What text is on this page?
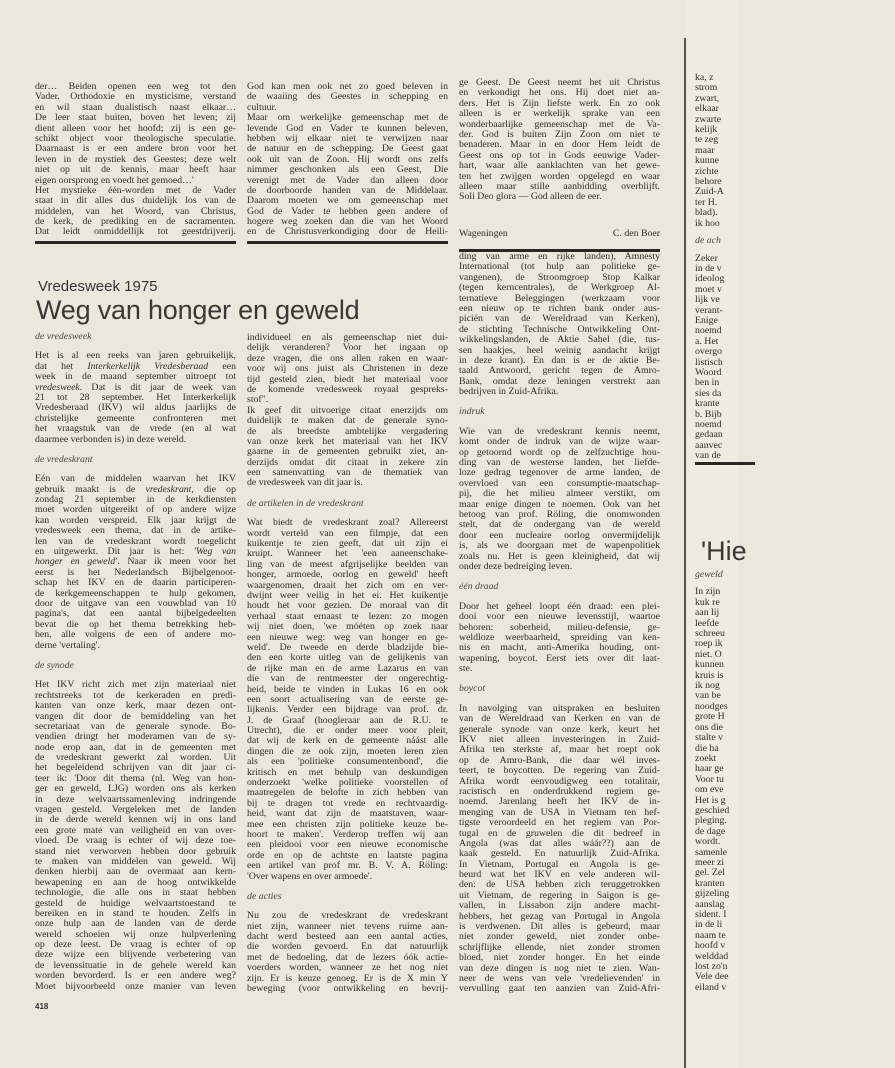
der… Beiden openen een weg tot den
Vader. Orthodoxie en mysticisme, verstand
en wil staan dualistisch naast elkaar…
De leer staat buiten, boven het leven; zij
dient alleen voor het hoofd; zij is een ge-
schikt object voor theologische speculatie.
Daarnaast is er een andere bron voor het
leven in de mystiek des Geestes; deze welt
niet op uit de kennis, maar heeft haar
eigen oorsprong en voedt het gemoed…'
Het mystieke één-worden met de Vader
staat in dit alles dus duidelijk los van de
middelen, van het Woord, van Christus,
de kerk, de prediking en de sacramenten.
Dat leidt onmiddellijk tot geestdrijverij.
God kan men ook net zo goed beleven in
de waaiing des Geestes in schepping en
cultuur.
Maar om werkelijke gemeenschap met de
levende God en Vader te kunnen beleven,
hebben wij elkaar niet te verwijzen naar
de natuur en de schepping. De Geest gaat
ook uit van de Zoon. Hij wordt ons zelfs
nimmer geschonken als een Geest, Die
verenigt met de Vader dan alleen door
de doorboorde handen van de Middelaar.
Daarom moeten we om gemeenschap met
God de Vader te hebben geen andere of
hogere weg zoeken dan die van het Woord
en de Christusverkondiging door de Heili-
ge Geest. De Geest neemt het uit Christus
en verkondigt het ons. Hij doet niet an-
ders. Het is Zijn liefste werk. En zo ook
alleen is er werkelijk sprake van een
wonderbaarlijke gemeenschap met de Va-
der. God is buiten Zijn Zoon om niet te
benaderen. Maar in en door Hem leidt de
Geest ons op tot in Gods eeuwige Vader-
hart, waar alle aanklachten van het gewe-
ten het zwijgen worden opgelegd en waar
alleen maar stille aanbidding overblijft.
Soli Deo glora — God alleen de eer.
Wageningen	C. den Boer
Vredesweek 1975
Weg van honger en geweld
de vredesweek
Het is al een reeks van jaren gebruikelijk,
dat het Interkerkelijk Vredesberaad een
week in de maand september uitroept tot
vredesweek. Dat is dit jaar de week van
21 tot 28 september. Het Interkerkelijk
Vredesberaad (IKV) wil aldus jaarlijks de
christelijke gemeente confronteren met
het vraagstuk van de vrede (en al wat
daarmee verbonden is) in deze wereld.
de vredeskrant
Eén van de middelen waarvan het IKV
gebruik maakt is de vredeskrant, die op
zondag 21 september in de kerkdiensten
moet worden uitgereikt of op andere wijze
kan worden verspreid. Elk jaar krijgt de
vredesweek een thema, dat in de artike-
len van de vredeskrant wordt toegelicht
en uitgewerkt. Dit jaar is het: 'Weg van
honger en geweld'. Naar ik meen voor het
eerst is het Nederlandsch Bijbelgenoot-
schap het IKV en de daarin participeren-
de kerkgemeenschappen te hulp gekomen,
door de uitgave van een vouwblad van 10
pagina's, dat een aantal bijbelgedeelten
bevat die op het thema betrekking heb-
ben, alle volgens de een of andere mo-
derne 'vertaling'.
de synode
Het IKV richt zich met zijn materiaal niet
rechtstreeks tot de kerkeraden en predi-
kanten van onze kerk, maar dezen ont-
vangen dit door de bemiddeling van het
secretariaat van de generale synode. Bo-
vendien dringt het moderamen van de sy-
node erop aan, dat in de gemeenten met
de vredeskrant gewerkt zal worden. Uit
het begeleidend schrijven van dit jaar ci-
teer ik: 'Door dit thema (nl. Weg van hon-
ger en geweld, LJG) worden ons als kerken
in deze welvaartssamenleving indringende
vragen gesteld. Vergeleken met de landen
in de derde wereld kennen wij in ons land
een grote mate van veiligheid en van over-
vloed. De vraag is echter of wij deze toe-
stand niet verworven hebben door gebruik
te maken van middelen van geweld. Wij
denken hierbij aan de overmaat aan kern-
bewapening en aan de hoog ontwikkelde
technologie, die alle ons in staat hebben
gesteld de huidige welvaartstoestand te
bereiken en in stand te houden. Zelfs in
onze hulp aan de landen van de derde
wereld schoeien wij onze hulpverlening
op deze leest. De vraag is echter of op
deze wijze een blijvende verbetering van
de levenssituatie in de gehele wereld kan
worden bevorderd. Is er een andere weg?
Moet bijvoorbeeld onze manier van leven
individueel en als gemeenschap niet dui-
delijk veranderen? Voor het ingaan op
deze vragen, die ons allen raken en waar-
voor wij ons juist als Christenen in deze
tijd gesteld zien, biedt het materiaal voor
de komende vredesweek royaal gespreks-
stof".
Ik geef dit uitvoerige citaat enerzijds om
duidelijk te maken dat de generale syno-
de als breedste ambtelijke vergadering
van onze kerk het materiaal van het IKV
gaarne in de gemeenten gebruikt ziet, an-
derzijds omdat dit citaat in zekere zin
een samenvatting van de thematiek van
de vredesweek van dit jaar is.
de artikelen in de vredeskrant
Wat biedt de vredeskrant zoal? Allereerst
wordt verteld van een filmpje, dat een
kuikentje te zien geeft, dat uit zijn ei
kruipt. Wanneer het 'een aaneenschake-
ling van de meest afgrijselijke beelden van
honger, armoede, oorlog en geweld' heeft
waargenomen, draait het zich om en ver-
dwijnt weer veilig in het ei. Het kuikentje
houdt het voor gezien. De moraal van dit
verhaal staat ernaast te lezen: zo mogen
wij niet doen, 'we móéten op zoek naar
een nieuwe weg: weg van honger en ge-
weld'. De tweede en derde bladzijde bie-
den een korte uitleg van de gelijkenis van
de rijke man en de arme Lazarus en van
die van de rentmeester der ongerechtig-
heid, beide te vinden in Lukas 16 en ook
een soort actualisering van de eerste ge-
lijkenis. Verder een bijdrage van prof. dr.
J. de Graaf (hoogleraar aan de R.U. te
Utrecht), die er onder meer voor pleit,
dat wij de kerk en de gemeente náást alle
dingen die ze ook zijn, moeten leren zien
als een 'politieke consumentenbond', die
kritisch en met behulp van deskundigen
onderzoekt 'welke politieke voorstellen of
maatregelen de belofte in zich hebben van
bij te dragen tot vrede en rechtvaardig-
heid, want dat zijn de maatstaven, waar-
mee een christen zijn politieke keuze be-
hoort te maken'. Verderop treffen wij aan
een pleidooi voor een nieuwe economische
orde en op de achtste en laatste pagina
een artikel van prof mr. B. V. A. Röling:
'Over wapens en over armoede'.
de acties
Nu zou de vredeskrant de vredeskrant
niet zijn, wanneer niet tevens ruime aan-
dacht werd besteed aan een aantal acties,
die worden gevoerd. En dat natuurlijk
met de bedoeling, dat de lezers óók actie-
voerders worden, wanneer ze het nog niet
zijn. Er is keuze genoeg. Er is de X min Y
beweging (voor ontwikkeling en bevrij-
ding van arme en rijke landen), Amnesty
International (tot hulp aan politieke ge-
vangenen), de Stroomgroep Stop Kalkar
(tegen kerncentrales), de Werkgroep Al-
ternatieve Beleggingen (werkzaam voor
een nieuw op te richten bank onder aus-
piciën van de Wereldraad van Kerken),
de stichting Technische Ontwikkeling Ont-
wikkelingslanden, de Aktie Sahel (die, tus-
sen haakjes, heel weinig aandacht krijgt
in deze krant). En dan is er de aktie Be-
taald Antwoord, gericht tegen de Amro-
Bank, omdat deze leningen verstrekt aan
bedrijven in Zuid-Afrika.
indruk
Wie van de vredeskrant kennis neemt,
komt onder de indruk van de wijze waar-
op getoornd wordt op de zelfzuchtige hou-
ding van de westerse landen, het liefde-
loze gedrag tegenover de arme landen, de
overvloed van een consumptie-maatschap-
pij, die het milieu almeer verstikt, om
maar enige dingen te noemen. Ook van het
betoog van prof. Röling, die onomwonden
stelt, dat de ondergang van de wereld
door een nucleaire oorlog onvermijdelijk
is, als we doorgaan met de wapenpolitiek
zoals nu. Het is geen kleinigheid, dat wij
onder deze bedreiging leven.
één draad
Door het geheel loopt één draad: een plei-
dooi voor een nieuwe levensstijl, waartoe
behoren: soberheid, milieu-defensie, ge-
weldloze weerbaarheid, spreiding van ken-
nis en macht, anti-Amerika houding, ont-
wapening, boycot. Eerst iets over dit laat-
ste.
boycot
In navolging van uitspraken en besluiten
van de Wereldraad van Kerken en van de
generale synode van onze kerk, keurt het
IKV niet alleen investeringen in Zuid-
Afrika ten sterkste af, maar het roept ook
op de Amro-Bank, die daar wél inves-
teert, te boycotten. De regering van Zuid-
Afrika wordt eenvoudigweg een totalitair,
racistisch en onderdrukkend regiem ge-
noemd. Jarenlang heeft het IKV de in-
menging van de USA in Vietnam ten hef-
tigste veroordeeld en het regiem van Por-
tugal en de gruwelen die dit bedreef in
Angola (was dat alles wáár??) aan de
kaak gesteld. En natuurlijk Zuid-Afrika.
In Vietnam, Portugal en Angola is ge-
beurd wat het IKV en vele anderen wil-
den: de USA hebben zich teruggetrokken
uit Vietnam, de regering in Saigon is ge-
vallen, in Lissabon zijn andere macht-
hebbers, het gezag van Portugal in Angola
is verdwenen. Dit alles is gebeurd, maar
niet zonder geweld, niet zonder onbe-
schrijflijke ellende, niet zonder stromen
bloed, niet zonder honger. En het einde
van deze dingen is nog niet te zien. Wan-
neer de wens van vele 'vredelievenden' in
vervulling gaat ten aanzien van Zuid-Afri-
418
ka, z
strom
zwart,
elkaar
zwarte
kelijk
te zeg
maar
kunne
zichte
behore
Zuid-A
ter H.
blad).
ik hoo
de ach
Zeker
in de v
ideolog
moet v
lijk ve
verant-
Enige
noemd
a. Het
overgo
listisch
Woord
ben in
sies da
krante
b. Bijb
noemd
gedaan
aanvec
van de
'Hie
geweld
In zijn
kuk re
aan lij
leefde
schreeu
roep ik
niet. O
kunnen
kruis is
ik nog
van be
noodges
grote H
ons die
stalte v
die ha
zoekt
haar ge
Voor tu
om eve
Het is g
geschied
pleging.
de dage
wordt.
samenle
meer zi
gel. Zel
kranten
gijzeling
aanslag
sident. I
in de li
naam te
hoofd v
welddad
lost zo'n
Vele dee
eiland v
